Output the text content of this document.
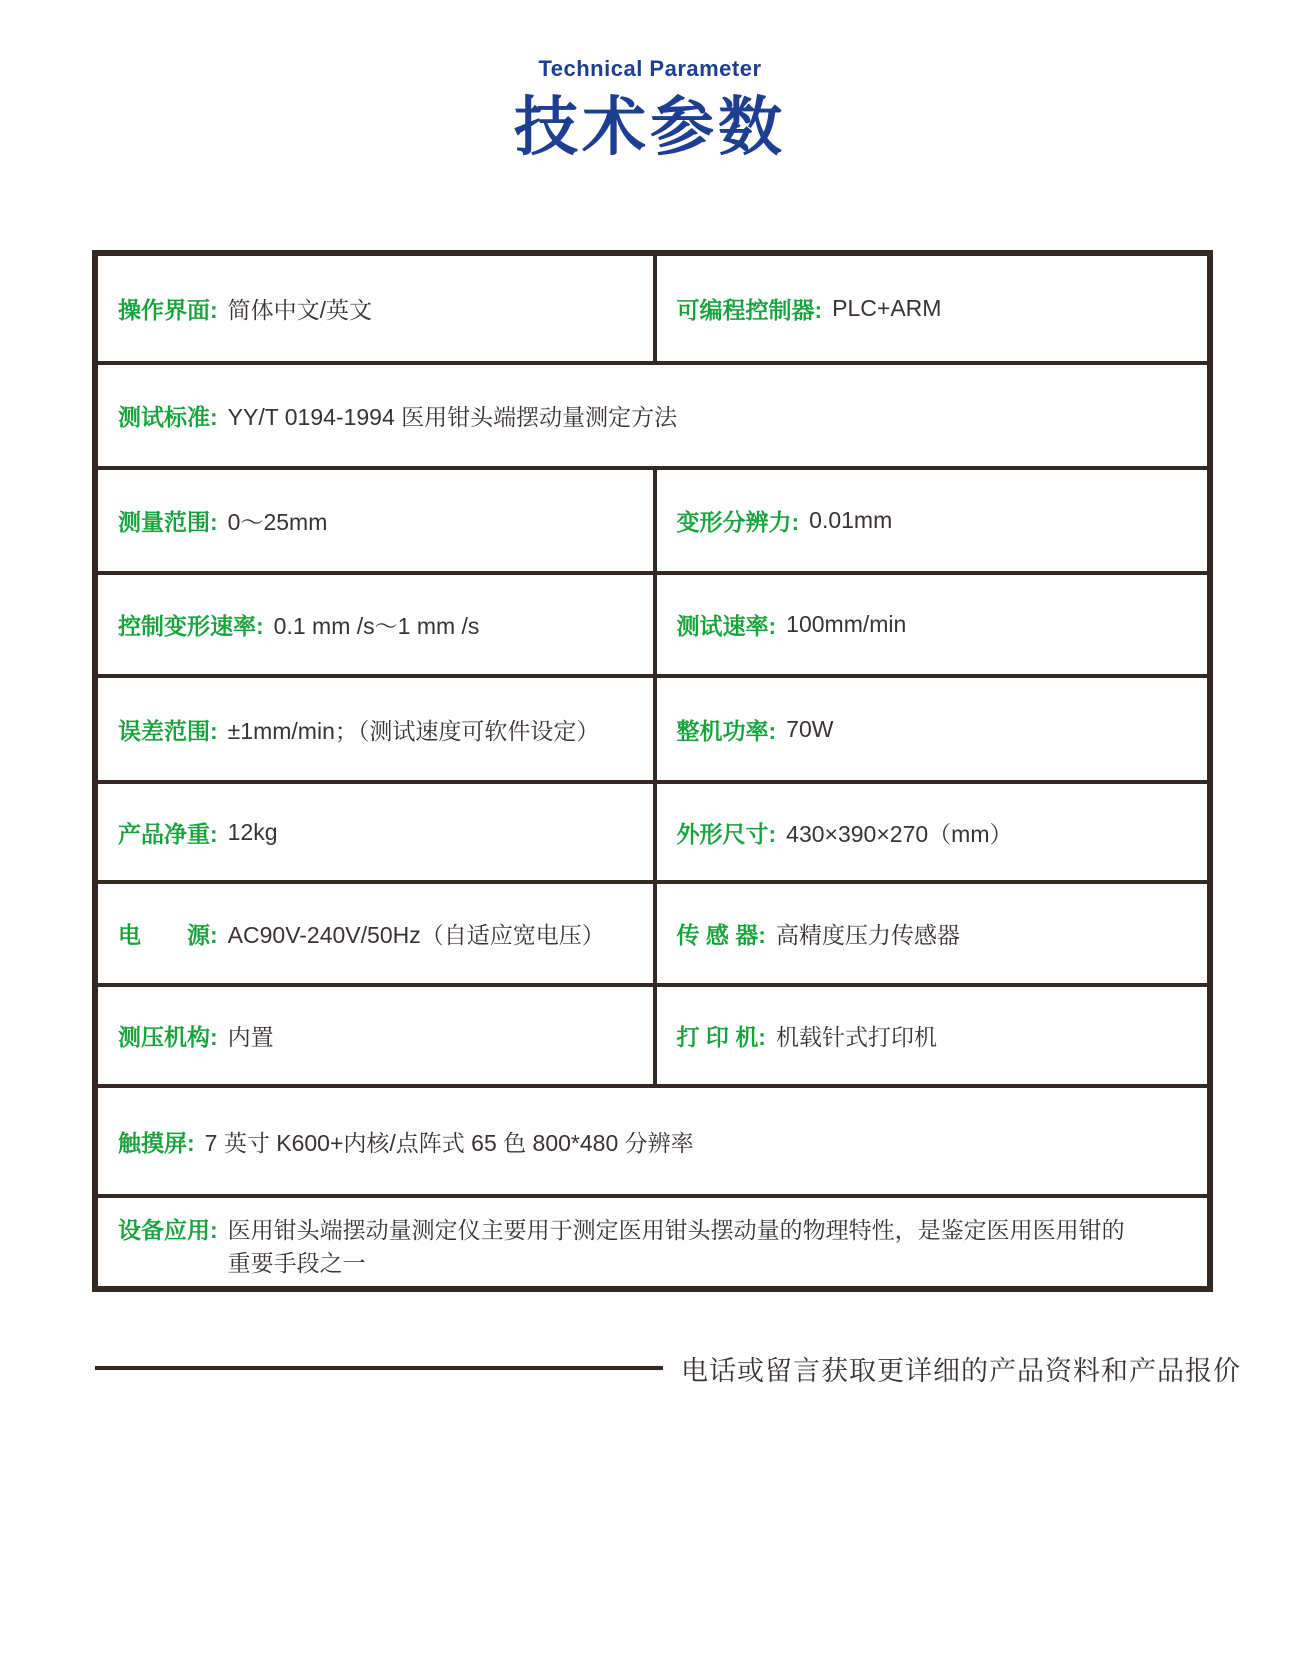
Technical Parameter
技术参数
操作界面: 简体中文/英文	可编程控制器: PLC+ARM
测试标准: YY/T 0194-1994 医用钳头端摆动量测定方法
测量范围: 0～25mm	变形分辨力: 0.01mm
控制变形速率: 0.1 mm /s～1 mm /s	测试速率: 100mm/min
误差范围: ±1mm/min；（测试速度可软件设定）	整机功率: 70W
产品净重: 12kg	外形尺寸: 430×390×270（mm）
电　　源: AC90V-240V/50Hz（自适应宽电压）	传 感 器: 高精度压力传感器
测压机构: 内置	打 印 机: 机载针式打印机
触摸屏: 7 英寸 K600+内核/点阵式 65 色 800*480 分辨率
设备应用: 医用钳头端摆动量测定仪主要用于测定医用钳头摆动量的物理特性，是鉴定医用医用钳的
重要手段之一
电话或留言获取更详细的产品资料和产品报价
